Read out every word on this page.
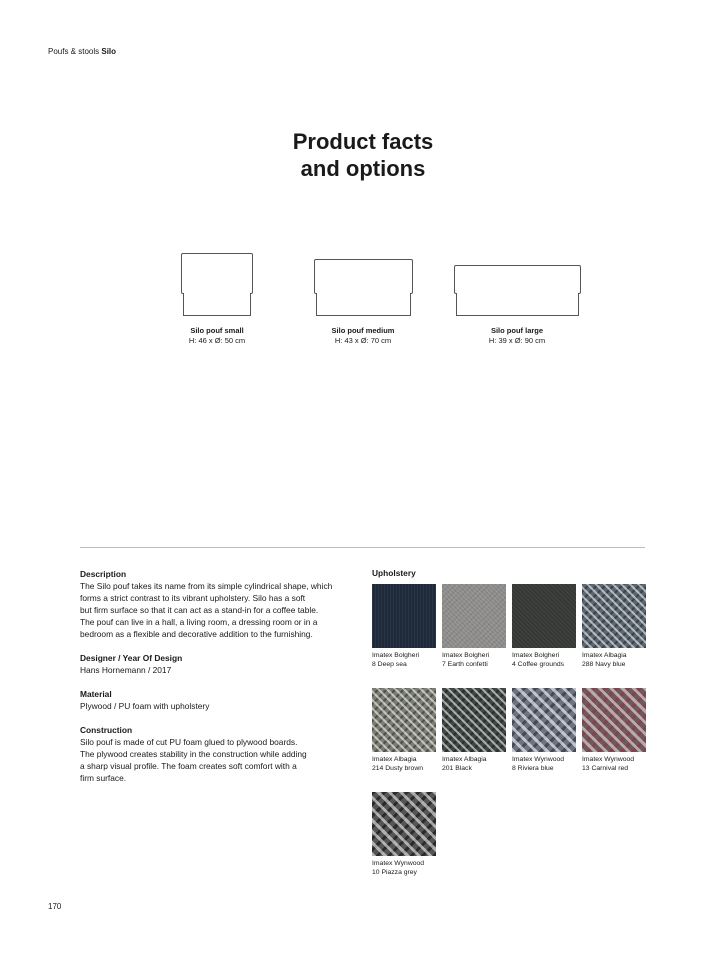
Poufs & stools Silo
Product facts
and options
Silo pouf small
H: 46 x Ø: 50 cm
Silo pouf medium
H: 43 x Ø: 70 cm
Silo pouf large
H: 39 x Ø: 90 cm
Description
The Silo pouf takes its name from its simple cylindrical shape, which
forms a strict contrast to its vibrant upholstery. Silo has a soft
but firm surface so that it can act as a stand-in for a coffee table.
The pouf can live in a hall, a living room, a dressing room or in a
bedroom as a flexible and decorative addition to the furnishing.
Designer / Year Of Design
Hans Hornemann / 2017
Material
Plywood / PU foam with upholstery
Construction
Silo pouf is made of cut PU foam glued to plywood boards.
The plywood creates stability in the construction while adding
a sharp visual profile. The foam creates soft comfort with a
firm surface.
Upholstery
Imatex Bolgheri
8 Deep sea
Imatex Bolgheri
7 Earth confetti
Imatex Bolgheri
4 Coffee grounds
Imatex Albagia
288 Navy blue
Imatex Albagia
214 Dusty brown
Imatex Albagia
201 Black
Imatex Wynwood
8 Riviera blue
Imatex Wynwood
13 Carnival red
Imatex Wynwood
10 Piazza grey
170
